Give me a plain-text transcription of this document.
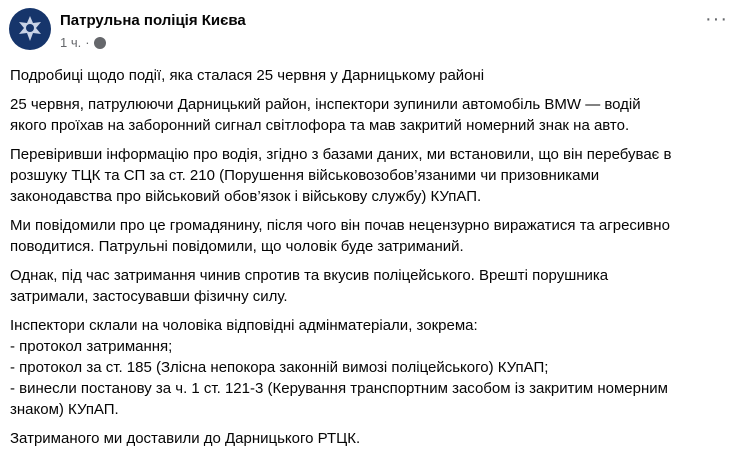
Патрульна поліція Києва
1 ч. ·
···
Подробиці щодо події, яка сталася 25 червня у Дарницькому районі
25 червня, патрулюючи Дарницький район, інспектори зупинили автомобіль BMW — водій
якого проїхав на заборонний сигнал світлофора та мав закритий номерний знак на авто.
Перевіривши інформацію про водія, згідно з базами даних, ми встановили, що він перебуває в
розшуку ТЦК та СП за ст. 210 (Порушення військовозобов’язаними чи призовниками
законодавства про військовий обов’язок і військову службу) КУпАП.
Ми повідомили про це громадянину, після чого він почав нецензурно виражатися та агресивно
поводитися. Патрульні повідомили, що чоловік буде затриманий.
Однак, під час затримання чинив спротив та вкусив поліцейського. Врешті порушника
затримали, застосувавши фізичну силу.
Інспектори склали на чоловіка відповідні адмінматеріали, зокрема:
- протокол затримання;
- протокол за ст. 185 (Злісна непокора законній вимозі поліцейського) КУпАП;
- винесли постанову за ч. 1 ст. 121-3 (Керування транспортним засобом із закритим номерним
знаком) КУпАП.
Затриманого ми доставили до Дарницького РТЦК.
